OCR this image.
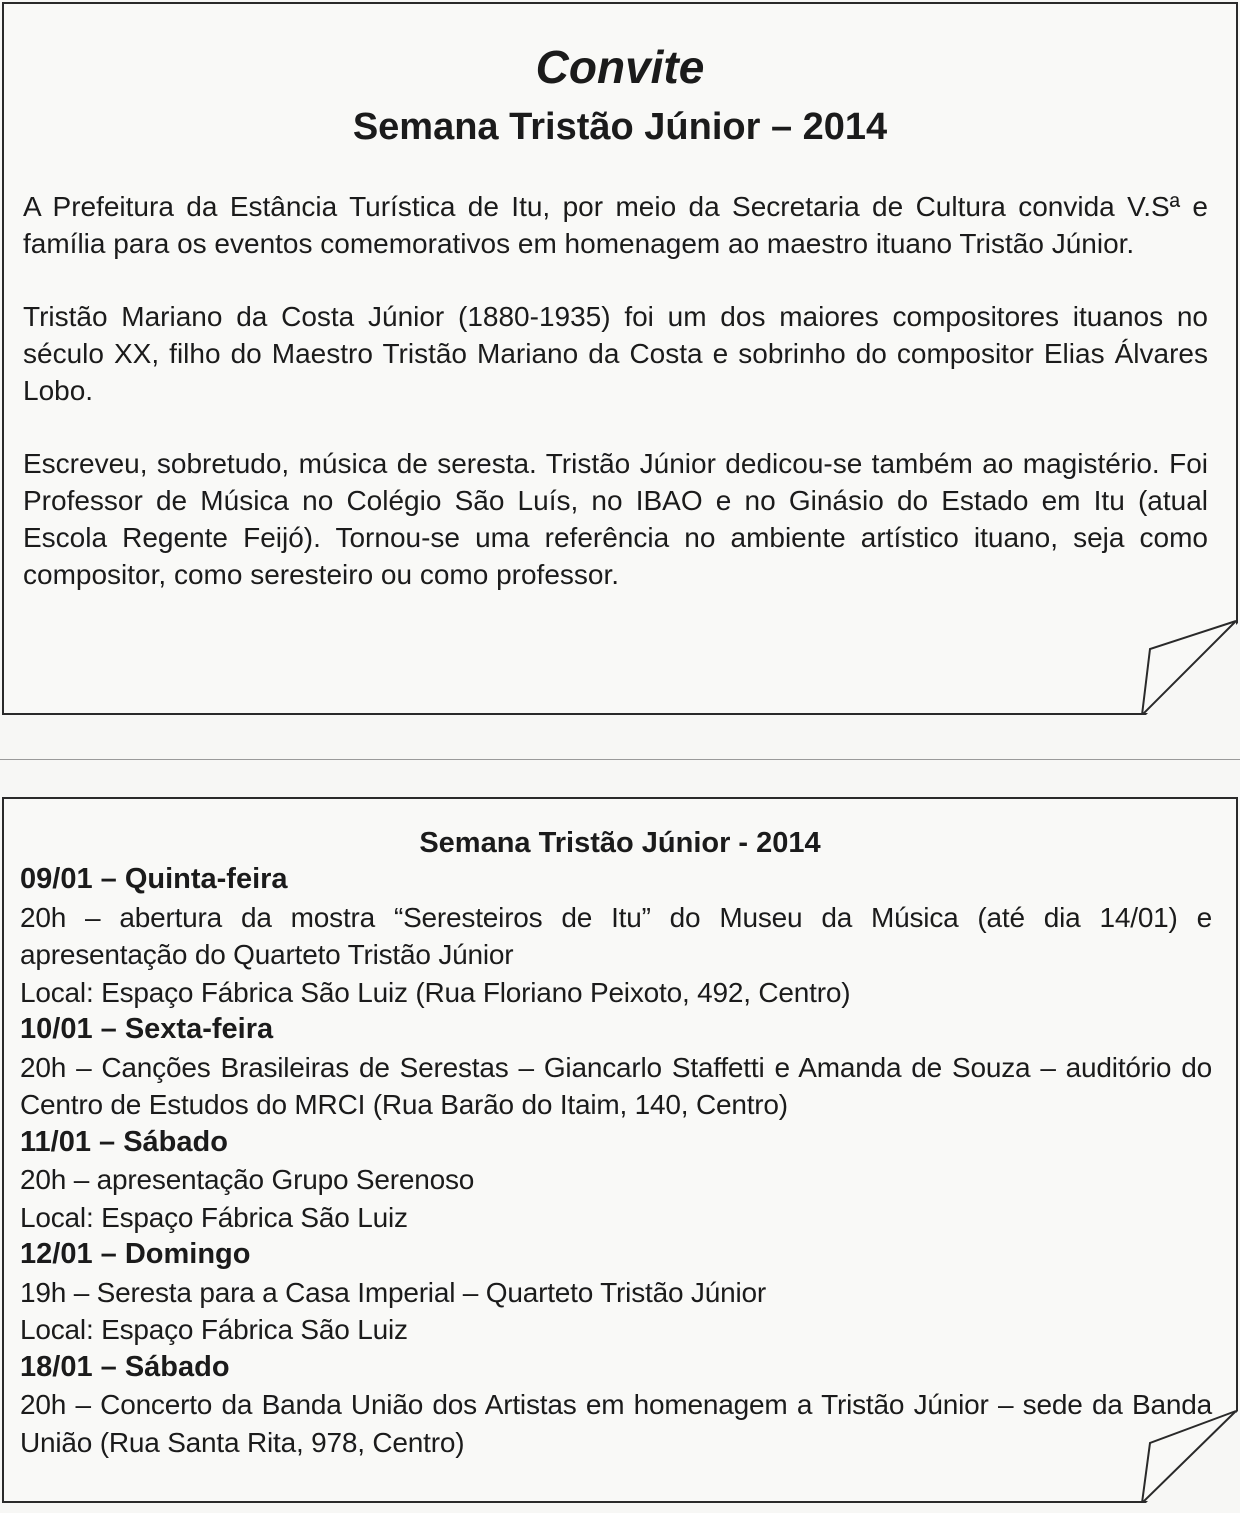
Convite
Semana Tristão Júnior – 2014

A Prefeitura da Estância Turística de Itu, por meio da Secretaria de Cultura convida V.Sª e família para os eventos comemorativos em homenagem ao maestro ituano Tristão Júnior.

Tristão Mariano da Costa Júnior (1880-1935) foi um dos maiores compositores ituanos no século XX, filho do Maestro Tristão Mariano da Costa e sobrinho do compositor Elias Álvares Lobo.

Escreveu, sobretudo, música de seresta. Tristão Júnior dedicou-se também ao magistério. Foi Professor de Música no Colégio São Luís, no IBAO e no Ginásio do Estado em Itu (atual Escola Regente Feijó). Tornou-se uma referência no ambiente artístico ituano, seja como compositor, como seresteiro ou como professor.

Semana Tristão Júnior - 2014
09/01 – Quinta-feira
20h – abertura da mostra “Seresteiros de Itu” do Museu da Música (até dia 14/01) e apresentação do Quarteto Tristão Júnior
Local: Espaço Fábrica São Luiz (Rua Floriano Peixoto, 492, Centro)
10/01 – Sexta-feira
20h – Canções Brasileiras de Serestas – Giancarlo Staffetti e Amanda de Souza – auditório do Centro de Estudos do MRCI (Rua Barão do Itaim, 140, Centro)
11/01 – Sábado
20h – apresentação Grupo Serenoso
Local: Espaço Fábrica São Luiz
12/01 – Domingo
19h – Seresta para a Casa Imperial – Quarteto Tristão Júnior
Local: Espaço Fábrica São Luiz
18/01 – Sábado
20h – Concerto da Banda União dos Artistas em homenagem a Tristão Júnior – sede da Banda União (Rua Santa Rita, 978, Centro)
